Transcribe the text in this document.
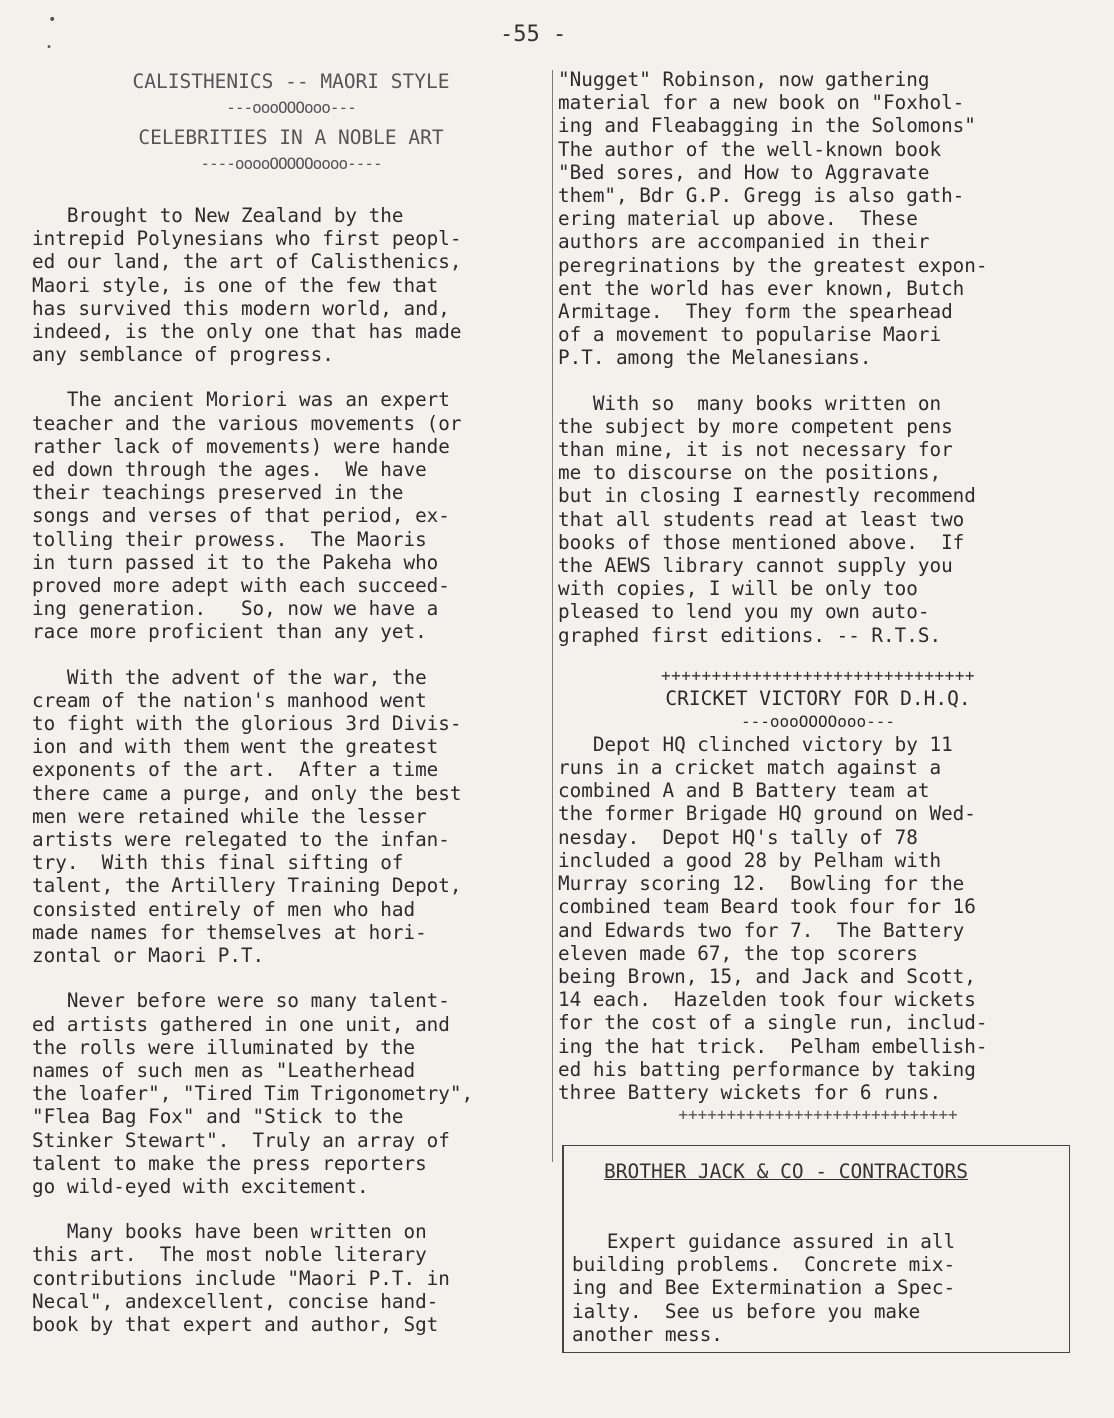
-55 -
•
•
CALISTHENICS -- MAORI STYLE
---oooOOOooo---
CELEBRITIES IN A NOBLE ART
----ooooOOOOOoooo----

Brought to New Zealand by the
intrepid Polynesians who first peopl-
ed our land, the art of Calisthenics,
Maori style, is one of the few that
has survived this modern world, and,
indeed, is the only one that has made
any semblance of progress.

The ancient Moriori was an expert
teacher and the various movements (or
rather lack of movements) were hande
ed down through the ages.  We have
their teachings preserved in the
songs and verses of that period, ex-
tolling their prowess.  The Maoris
in turn passed it to the Pakeha who
proved more adept with each succeed-
ing generation.   So, now we have a
race more proficient than any yet.

With the advent of the war, the
cream of the nation's manhood went
to fight with the glorious 3rd Divis-
ion and with them went the greatest
exponents of the art.  After a time
there came a purge, and only the best
men were retained while the lesser
artists were relegated to the infan-
try.  With this final sifting of
talent, the Artillery Training Depot,
consisted entirely of men who had
made names for themselves at hori-
zontal or Maori P.T.

Never before were so many talent-
ed artists gathered in one unit, and
the rolls were illuminated by the
names of such men as "Leatherhead
the loafer", "Tired Tim Trigonometry",
"Flea Bag Fox" and "Stick to the
Stinker Stewart".  Truly an array of
talent to make the press reporters
go wild-eyed with excitement.

Many books have been written on
this art.  The most noble literary
contributions include "Maori P.T. in
Necal", andexcellent, concise hand-
book by that expert and author, Sgt

"Nugget" Robinson, now gathering
material for a new book on "Foxhol-
ing and Fleabagging in the Solomons"
The author of the well-known book
"Bed sores, and How to Aggravate
them", Bdr G.P. Gregg is also gath-
ering material up above.  These
authors are accompanied in their
peregrinations by the greatest expon-
ent the world has ever known, Butch
Armitage.  They form the spearhead
of a movement to popularise Maori
P.T. among the Melanesians.

With so  many books written on
the subject by more competent pens
than mine, it is not necessary for
me to discourse on the positions,
but in closing I earnestly recommend
that all students read at least two
books of those mentioned above.  If
the AEWS library cannot supply you
with copies, I will be only too
pleased to lend you my own auto-
graphed first editions. -- R.T.S.

+++++++++++++++++++++++++++++++
CRICKET VICTORY FOR D.H.Q.
---oooOOOOooo---

Depot HQ clinched victory by 11
runs in a cricket match against a
combined A and B Battery team at
the former Brigade HQ ground on Wed-
nesday.  Depot HQ's tally of 78
included a good 28 by Pelham with
Murray scoring 12.  Bowling for the
combined team Beard took four for 16
and Edwards two for 7.  The Battery
eleven made 67, the top scorers
being Brown, 15, and Jack and Scott,
14 each.  Hazelden took four wickets
for the cost of a single run, includ-
ing the hat trick.  Pelham embellish-
ed his batting performance by taking
three Battery wickets for 6 runs.

+++++++++++++++++++++++++++++
BROTHER JACK & CO - CONTRACTORS

Expert guidance assured in all
building problems.  Concrete mix-
ing and Bee Extermination a Spec-
ialty.  See us before you make
another mess.
